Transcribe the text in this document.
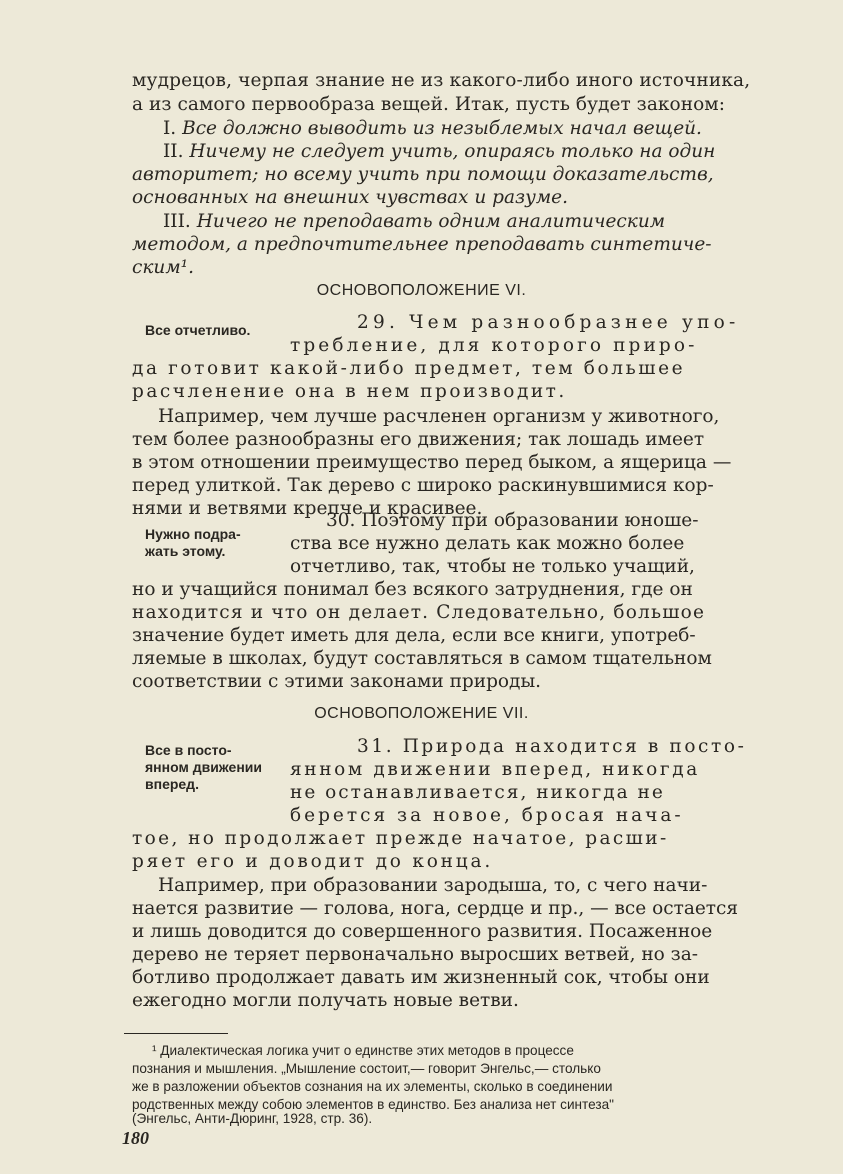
мудрецов, черпая знание не из какого-либо иного источника,
а из самого первообраза вещей. Итак, пусть будет законом:
I. Все должно выводить из незыблемых начал вещей.
II. Ничему не следует учить, опираясь только на один
авторитет; но всему учить при помощи доказательств,
основанных на внешних чувствах и разуме.
III. Ничего не преподавать одним аналитическим
методом, а предпочтительнее преподавать синтетиче-
ским¹.
ОСНОВОПОЛОЖЕНИЕ VI.
Все отчетливо.	29. Чем разнообразнее упо-
требление, для которого приро-
да готовит какой-либо предмет, тем большее
расчленение она в нем производит.
Например, чем лучше расчленен организм у животного,
тем более разнообразны его движения; так лошадь имеет
в этом отношении преимущество перед быком, а ящерица —
перед улиткой. Так дерево с широко раскинувшимися кор-
нями и ветвями крепче и красивее.
Нужно подра-
жать этому.
30. Поэтому при образовании юноше-
ства все нужно делать как можно более
отчетливо, так, чтобы не только учащий,
но и учащийся понимал без всякого затруднения, где он
находится и что он делает. Следовательно, большое
значение будет иметь для дела, если все книги, употреб-
ляемые в школах, будут составляться в самом тщательном
соответствии с этими законами природы.
ОСНОВОПОЛОЖЕНИЕ VII.
Все в посто-
янном движении
вперед.
31. Природа находится в посто-
янном движении вперед, никогда
не останавливается, никогда не
берется за новое, бросая нача-
тое, но продолжает прежде начатое, расши-
ряет его и доводит до конца.
Например, при образовании зародыша, то, с чего начи-
нается развитие — голова, нога, сердце и пр., — все остается
и лишь доводится до совершенного развития. Посаженное
дерево не теряет первоначально выросших ветвей, но за-
ботливо продолжает давать им жизненный сок, чтобы они
ежегодно могли получать новые ветви.
¹ Диалектическая логика учит о единстве этих методов в процессе
познания и мышления. „Мышление состоит,— говорит Энгельс,— столько
же в разложении объектов сознания на их элементы, сколько в соединении
родственных между собою элементов в единство. Без анализа нет синтеза"
(Энгельс, Анти-Дюринг, 1928, стр. 36).
180
